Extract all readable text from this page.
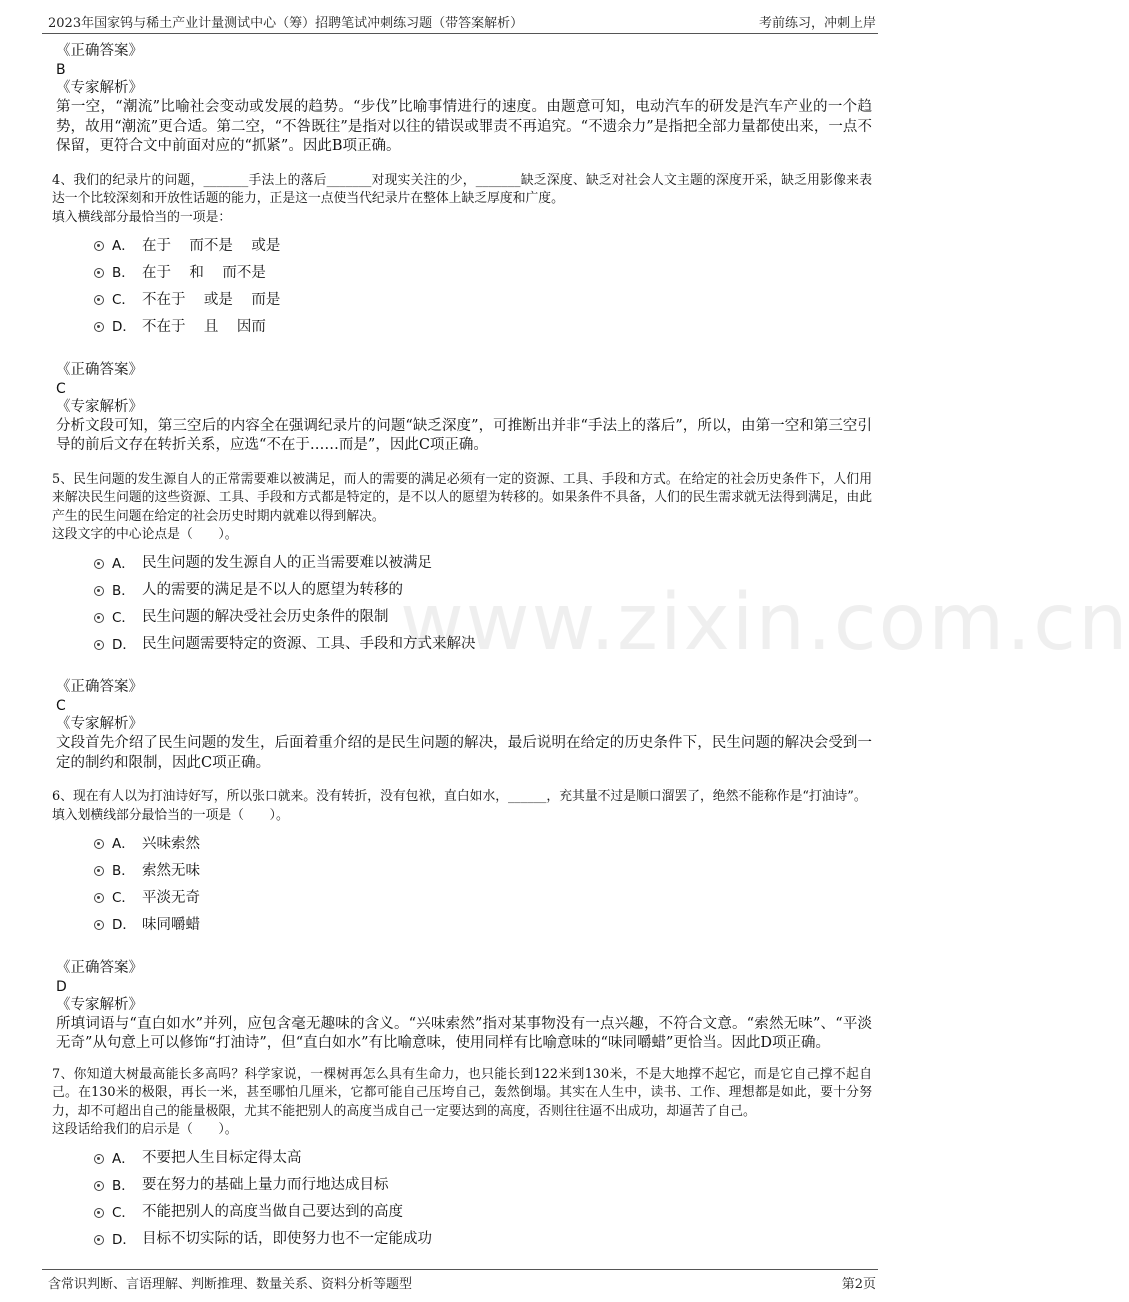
2023年国家钨与稀土产业计量测试中心（筹）招聘笔试冲刺练习题（带答案解析）	考前练习，冲刺上岸
www.zixin.com.cn
《正确答案》
B
《专家解析》
第一空，“潮流”比喻社会变动或发展的趋势。“步伐”比喻事情进行的速度。由题意可知，电动汽车的研发是汽车产业的一个趋势，故用“潮流”更合适。第二空，“不咎既往”是指对以往的错误或罪责不再追究。“不遗余力”是指把全部力量都使出来，一点不保留，更符合文中前面对应的“抓紧”。因此B项正确。
4、我们的纪录片的问题，_______手法上的落后_______对现实关注的少，_______缺乏深度、缺乏对社会人文主题的深度开采，缺乏用影像来表达一个比较深刻和开放性话题的能力，正是这一点使当代纪录片在整体上缺乏厚度和广度。
填入横线部分最恰当的一项是：
A． 在于    而不是    或是
B． 在于    和    而不是
C． 不在于    或是    而是
D． 不在于    且    因而
《正确答案》
C
《专家解析》
分析文段可知，第三空后的内容全在强调纪录片的问题“缺乏深度”，可推断出并非“手法上的落后”，所以，由第一空和第三空引导的前后文存在转折关系，应选“不在于……而是”，因此C项正确。
5、民生问题的发生源自人的正常需要难以被满足，而人的需要的满足必须有一定的资源、工具、手段和方式。在给定的社会历史条件下，人们用来解决民生问题的这些资源、工具、手段和方式都是特定的，是不以人的愿望为转移的。如果条件不具备，人们的民生需求就无法得到满足，由此产生的民生问题在给定的社会历史时期内就难以得到解决。
这段文字的中心论点是（　　）。
A． 民生问题的发生源自人的正当需要难以被满足
B． 人的需要的满足是不以人的愿望为转移的
C． 民生问题的解决受社会历史条件的限制
D． 民生问题需要特定的资源、工具、手段和方式来解决
《正确答案》
C
《专家解析》
文段首先介绍了民生问题的发生，后面着重介绍的是民生问题的解决，最后说明在给定的历史条件下，民生问题的解决会受到一定的制约和限制，因此C项正确。
6、现在有人以为打油诗好写，所以张口就来。没有转折，没有包袱，直白如水，______，充其量不过是顺口溜罢了，绝然不能称作是“打油诗”。
填入划横线部分最恰当的一项是（　　）。
A． 兴味索然
B． 索然无味
C． 平淡无奇
D． 味同嚼蜡
《正确答案》
D
《专家解析》
所填词语与“直白如水”并列，应包含毫无趣味的含义。“兴味索然”指对某事物没有一点兴趣，不符合文意。“索然无味”、“平淡无奇”从句意上可以修饰“打油诗”，但“直白如水”有比喻意味，使用同样有比喻意味的“味同嚼蜡”更恰当。因此D项正确。
7、你知道大树最高能长多高吗？科学家说，一棵树再怎么具有生命力，也只能长到122米到130米，不是大地撑不起它，而是它自己撑不起自己。在130米的极限，再长一米，甚至哪怕几厘米，它都可能自己压垮自己，轰然倒塌。其实在人生中，读书、工作、理想都是如此，要十分努力，却不可超出自己的能量极限，尤其不能把别人的高度当成自己一定要达到的高度，否则往往逼不出成功，却逼苦了自己。
这段话给我们的启示是（　　）。
A． 不要把人生目标定得太高
B． 要在努力的基础上量力而行地达成目标
C． 不能把别人的高度当做自己要达到的高度
D． 目标不切实际的话，即使努力也不一定能成功
含常识判断、言语理解、判断推理、数量关系、资料分析等题型	第2页
